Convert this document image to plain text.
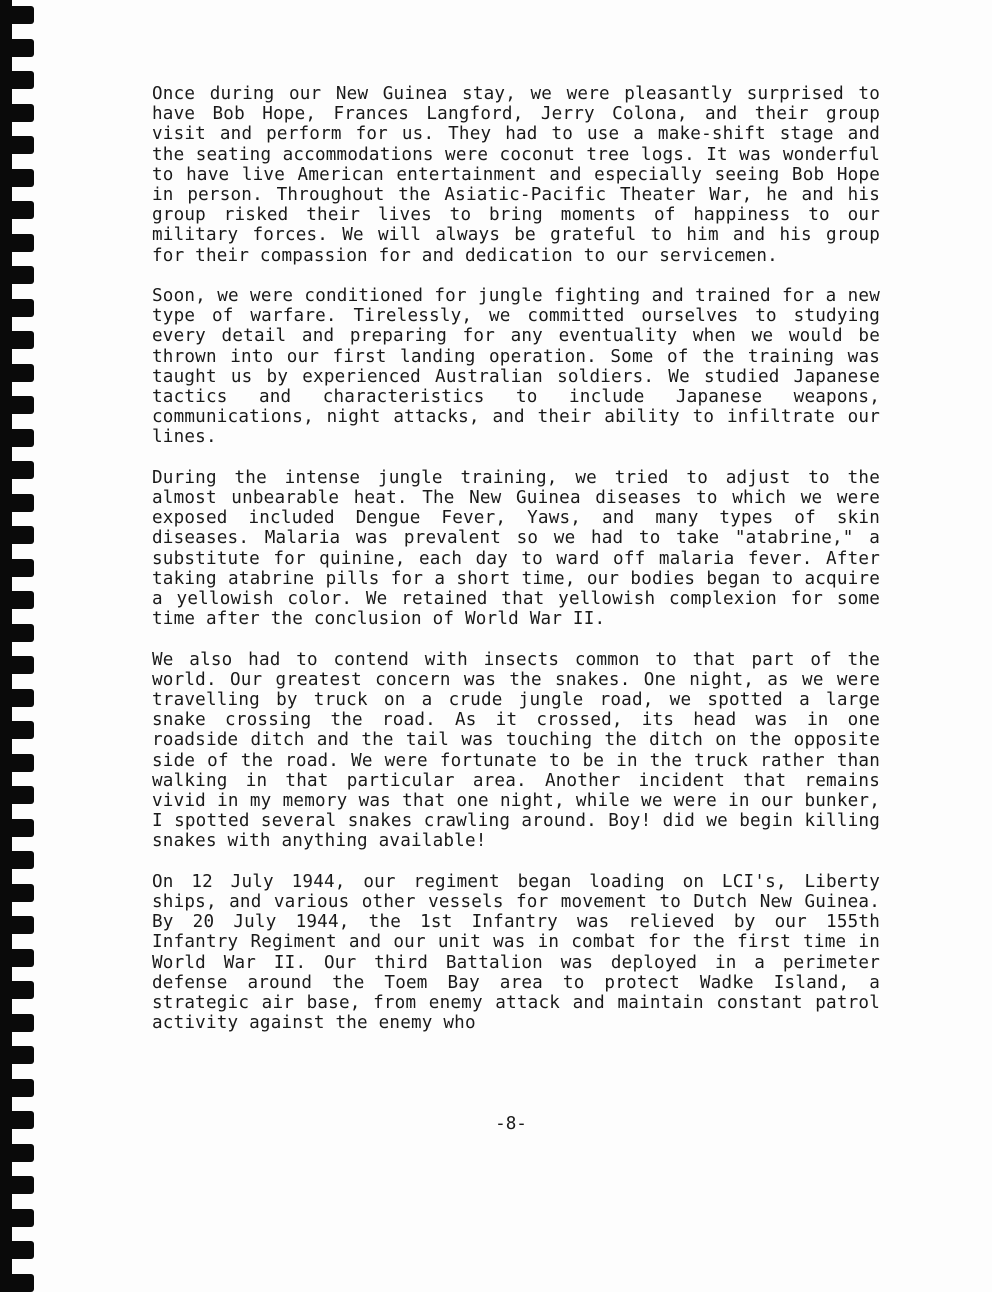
Once during our New Guinea stay, we were pleasantly surprised to have Bob Hope, Frances Langford, Jerry Colona, and their group visit and perform for us. They had to use a make-shift stage and the seating accommodations were coconut tree logs. It was wonderful to have live American entertainment and especially seeing Bob Hope in person. Throughout the Asiatic-Pacific Theater War, he and his group risked their lives to bring moments of happiness to our military forces. We will always be grateful to him and his group for their compassion for and dedication to our servicemen.

Soon, we were conditioned for jungle fighting and trained for a new type of warfare. Tirelessly, we committed ourselves to studying every detail and preparing for any eventuality when we would be thrown into our first landing operation. Some of the training was taught us by experienced Australian soldiers. We studied Japanese tactics and characteristics to include Japanese weapons, communications, night attacks, and their ability to infiltrate our lines.

During the intense jungle training, we tried to adjust to the almost unbearable heat. The New Guinea diseases to which we were exposed included Dengue Fever, Yaws, and many types of skin diseases. Malaria was prevalent so we had to take "atabrine," a substitute for quinine, each day to ward off malaria fever. After taking atabrine pills for a short time, our bodies began to acquire a yellowish color. We retained that yellowish complexion for some time after the conclusion of World War II.

We also had to contend with insects common to that part of the world. Our greatest concern was the snakes. One night, as we were travelling by truck on a crude jungle road, we spotted a large snake crossing the road. As it crossed, its head was in one roadside ditch and the tail was touching the ditch on the opposite side of the road. We were fortunate to be in the truck rather than walking in that particular area. Another incident that remains vivid in my memory was that one night, while we were in our bunker, I spotted several snakes crawling around. Boy! did we begin killing snakes with anything available!

On 12 July 1944, our regiment began loading on LCI's, Liberty ships, and various other vessels for movement to Dutch New Guinea. By 20 July 1944, the 1st Infantry was relieved by our 155th Infantry Regiment and our unit was in combat for the first time in World War II. Our third Battalion was deployed in a perimeter defense around the Toem Bay area to protect Wadke Island, a strategic air base, from enemy attack and maintain constant patrol activity against the enemy who

-8-
